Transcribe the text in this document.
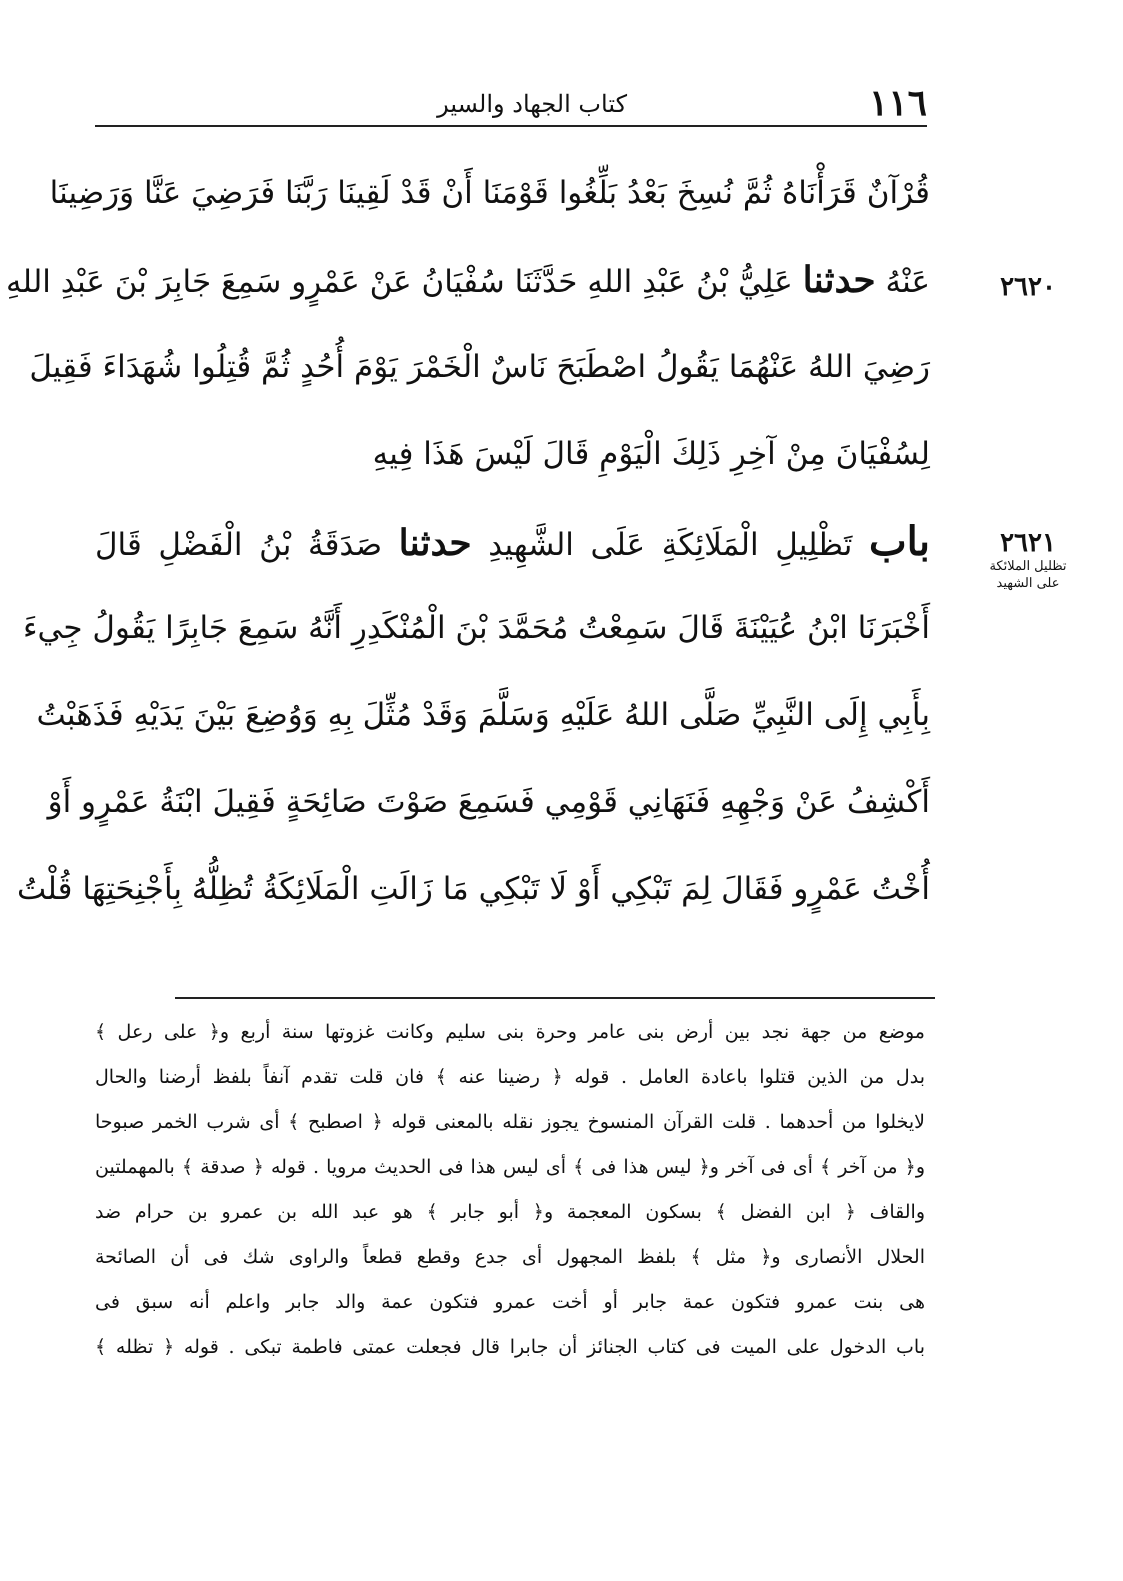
١١٦
كتاب الجهاد والسير
٢٦٢٠
٢٦٢١
تظليل الملائكة
على الشهيد
قُرْآنٌ قَرَأْنَاهُ ثُمَّ نُسِخَ بَعْدُ بَلِّغُوا قَوْمَنَا أَنْ قَدْ لَقِينَا رَبَّنَا فَرَضِيَ عَنَّا وَرَضِينَا
عَنْهُ حدثنا عَلِيُّ بْنُ عَبْدِ اللهِ حَدَّثَنَا سُفْيَانُ عَنْ عَمْرٍو سَمِعَ جَابِرَ بْنَ عَبْدِ اللهِ
رَضِيَ اللهُ عَنْهُمَا يَقُولُ اصْطَبَحَ نَاسٌ الْخَمْرَ يَوْمَ أُحُدٍ ثُمَّ قُتِلُوا شُهَدَاءَ فَقِيلَ
لِسُفْيَانَ مِنْ آخِرِ ذَلِكَ الْيَوْمِ قَالَ لَيْسَ هَذَا فِيهِ
باب تَظْلِيلِ الْمَلَائِكَةِ عَلَى الشَّهِيدِ حدثنا صَدَقَةُ بْنُ الْفَضْلِ قَالَ
أَخْبَرَنَا ابْنُ عُيَيْنَةَ قَالَ سَمِعْتُ مُحَمَّدَ بْنَ الْمُنْكَدِرِ أَنَّهُ سَمِعَ جَابِرًا يَقُولُ جِيءَ
بِأَبِي إِلَى النَّبِيِّ صَلَّى اللهُ عَلَيْهِ وَسَلَّمَ وَقَدْ مُثِّلَ بِهِ وَوُضِعَ بَيْنَ يَدَيْهِ فَذَهَبْتُ
أَكْشِفُ عَنْ وَجْهِهِ فَنَهَانِي قَوْمِي فَسَمِعَ صَوْتَ صَائِحَةٍ فَقِيلَ ابْنَةُ عَمْرٍو أَوْ
أُخْتُ عَمْرٍو فَقَالَ لِمَ تَبْكِي أَوْ لَا تَبْكِي مَا زَالَتِ الْمَلَائِكَةُ تُظِلُّهُ بِأَجْنِحَتِهَا قُلْتُ
موضع من جهة نجد بين أرض بنى عامر وحرة بنى سليم وكانت غزوتها سنة أربع و﴿ على رعل ﴾
بدل من الذين قتلوا باعادة العامل . قوله ﴿ رضينا عنه ﴾ فان قلت تقدم آنفاً بلفظ أرضنا والحال
لايخلوا من أحدهما . قلت القرآن المنسوخ يجوز نقله بالمعنى قوله ﴿ اصطبح ﴾ أى شرب الخمر صبوحا
و﴿ من آخر ﴾ أى فى آخر و﴿ ليس هذا فى ﴾ أى ليس هذا فى الحديث مرويا . قوله ﴿ صدقة ﴾ بالمهملتين
والقاف ﴿ ابن الفضل ﴾ بسكون المعجمة و﴿ أبو جابر ﴾ هو عبد الله بن عمرو بن حرام ضد
الحلال الأنصارى و﴿ مثل ﴾ بلفظ المجهول أى جدع وقطع قطعاً والراوى شك فى أن الصائحة
هى بنت عمرو فتكون عمة جابر أو أخت عمرو فتكون عمة والد جابر واعلم أنه سبق فى
باب الدخول على الميت فى كتاب الجنائز أن جابرا قال فجعلت عمتى فاطمة تبكى . قوله ﴿ تظله ﴾
